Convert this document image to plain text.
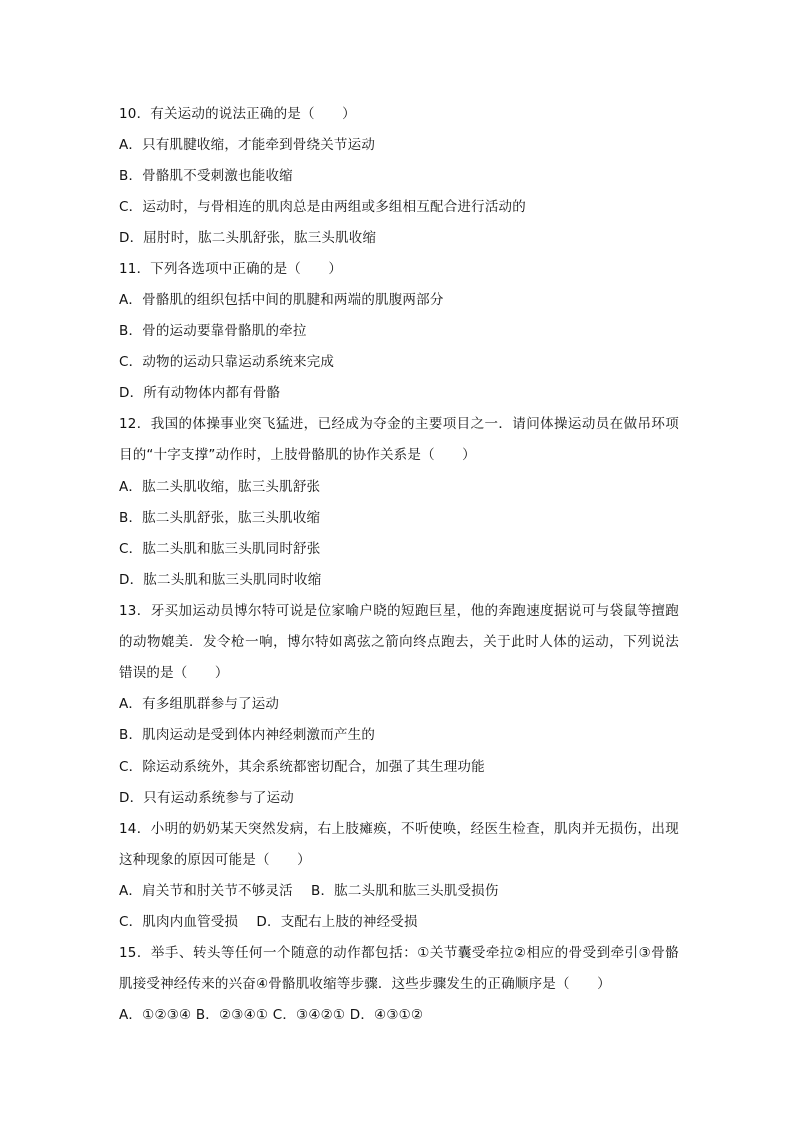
10．有关运动的说法正确的是（　　）
A．只有肌腱收缩，才能牵到骨绕关节运动
B．骨骼肌不受刺激也能收缩
C．运动时，与骨相连的肌肉总是由两组或多组相互配合进行活动的
D．屈肘时，肱二头肌舒张，肱三头肌收缩
11．下列各选项中正确的是（　　）
A．骨骼肌的组织包括中间的肌腱和两端的肌腹两部分
B．骨的运动要靠骨骼肌的牵拉
C．动物的运动只靠运动系统来完成
D．所有动物体内都有骨骼
12．我国的体操事业突飞猛进，已经成为夺金的主要项目之一．请问体操运动员在做吊环项
目的“十字支撑”动作时，上肢骨骼肌的协作关系是（　　）
A．肱二头肌收缩，肱三头肌舒张
B．肱二头肌舒张，肱三头肌收缩
C．肱二头肌和肱三头肌同时舒张
D．肱二头肌和肱三头肌同时收缩
13．牙买加运动员博尔特可说是位家喻户晓的短跑巨星，他的奔跑速度据说可与袋鼠等擅跑
的动物媲美．发令枪一响，博尔特如离弦之箭向终点跑去，关于此时人体的运动，下列说法
错误的是（　　）
A．有多组肌群参与了运动
B．肌肉运动是受到体内神经刺激而产生的
C．除运动系统外，其余系统都密切配合，加强了其生理功能
D．只有运动系统参与了运动
14．小明的奶奶某天突然发病，右上肢瘫痪，不听使唤，经医生检查，肌肉并无损伤，出现
这种现象的原因可能是（　　）
A．肩关节和肘关节不够灵活　 B．肱二头肌和肱三头肌受损伤
C．肌肉内血管受损　 D．支配右上肢的神经受损
15．举手、转头等任何一个随意的动作都包括：①关节囊受牵拉②相应的骨受到牵引③骨骼
肌接受神经传来的兴奋④骨骼肌收缩等步骤．这些步骤发生的正确顺序是（　　）
A．①②③④ B．②③④① C．③④②① D．④③①②
